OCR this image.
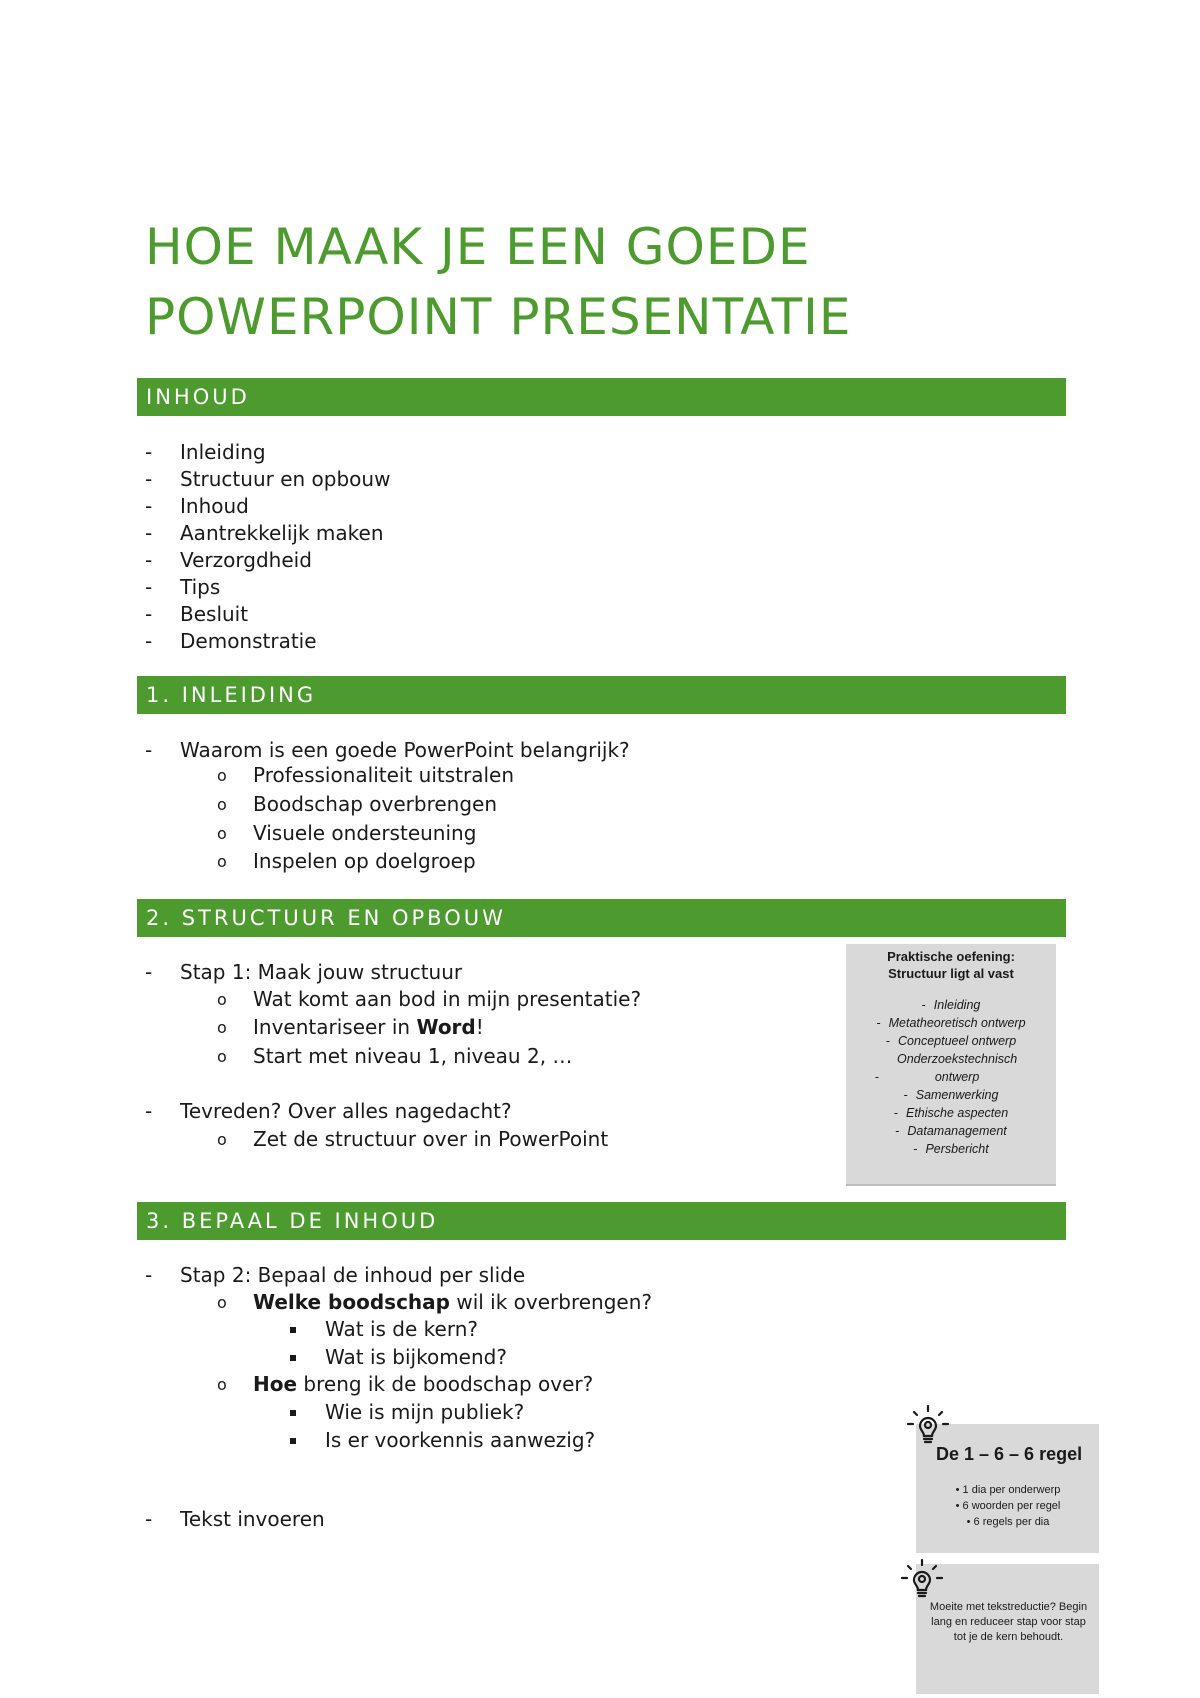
HOE MAAK JE EEN GOEDE
POWERPOINT PRESENTATIE
INHOUD
- Inleiding
- Structuur en opbouw
- Inhoud
- Aantrekkelijk maken
- Verzorgdheid
- Tips
- Besluit
- Demonstratie
1. INLEIDING
- Waarom is een goede PowerPoint belangrijk?
o Professionaliteit uitstralen
o Boodschap overbrengen
o Visuele ondersteuning
o Inspelen op doelgroep
2. STRUCTUUR EN OPBOUW
- Stap 1: Maak jouw structuur
o Wat komt aan bod in mijn presentatie?
o Inventariseer in Word!
o Start met niveau 1, niveau 2, …
- Tevreden? Over alles nagedacht?
o Zet de structuur over in PowerPoint
Praktische oefening:
Structuur ligt al vast
- Inleiding
- Metatheoretisch ontwerp
- Conceptueel ontwerp
-Onderzoekstechnisch ontwerp
- Samenwerking
- Ethische aspecten
- Datamanagement
- Persbericht
3. BEPAAL DE INHOUD
- Stap 2: Bepaal de inhoud per slide
o Welke boodschap wil ik overbrengen?
Wat is de kern?
Wat is bijkomend?
o Hoe breng ik de boodschap over?
Wie is mijn publiek?
Is er voorkennis aanwezig?
- Tekst invoeren
De 1 – 6 – 6 regel
• 1 dia per onderwerp
• 6 woorden per regel
• 6 regels per dia
Moeite met tekstreductie? Begin lang en reduceer stap voor stap tot je de kern behoudt.
